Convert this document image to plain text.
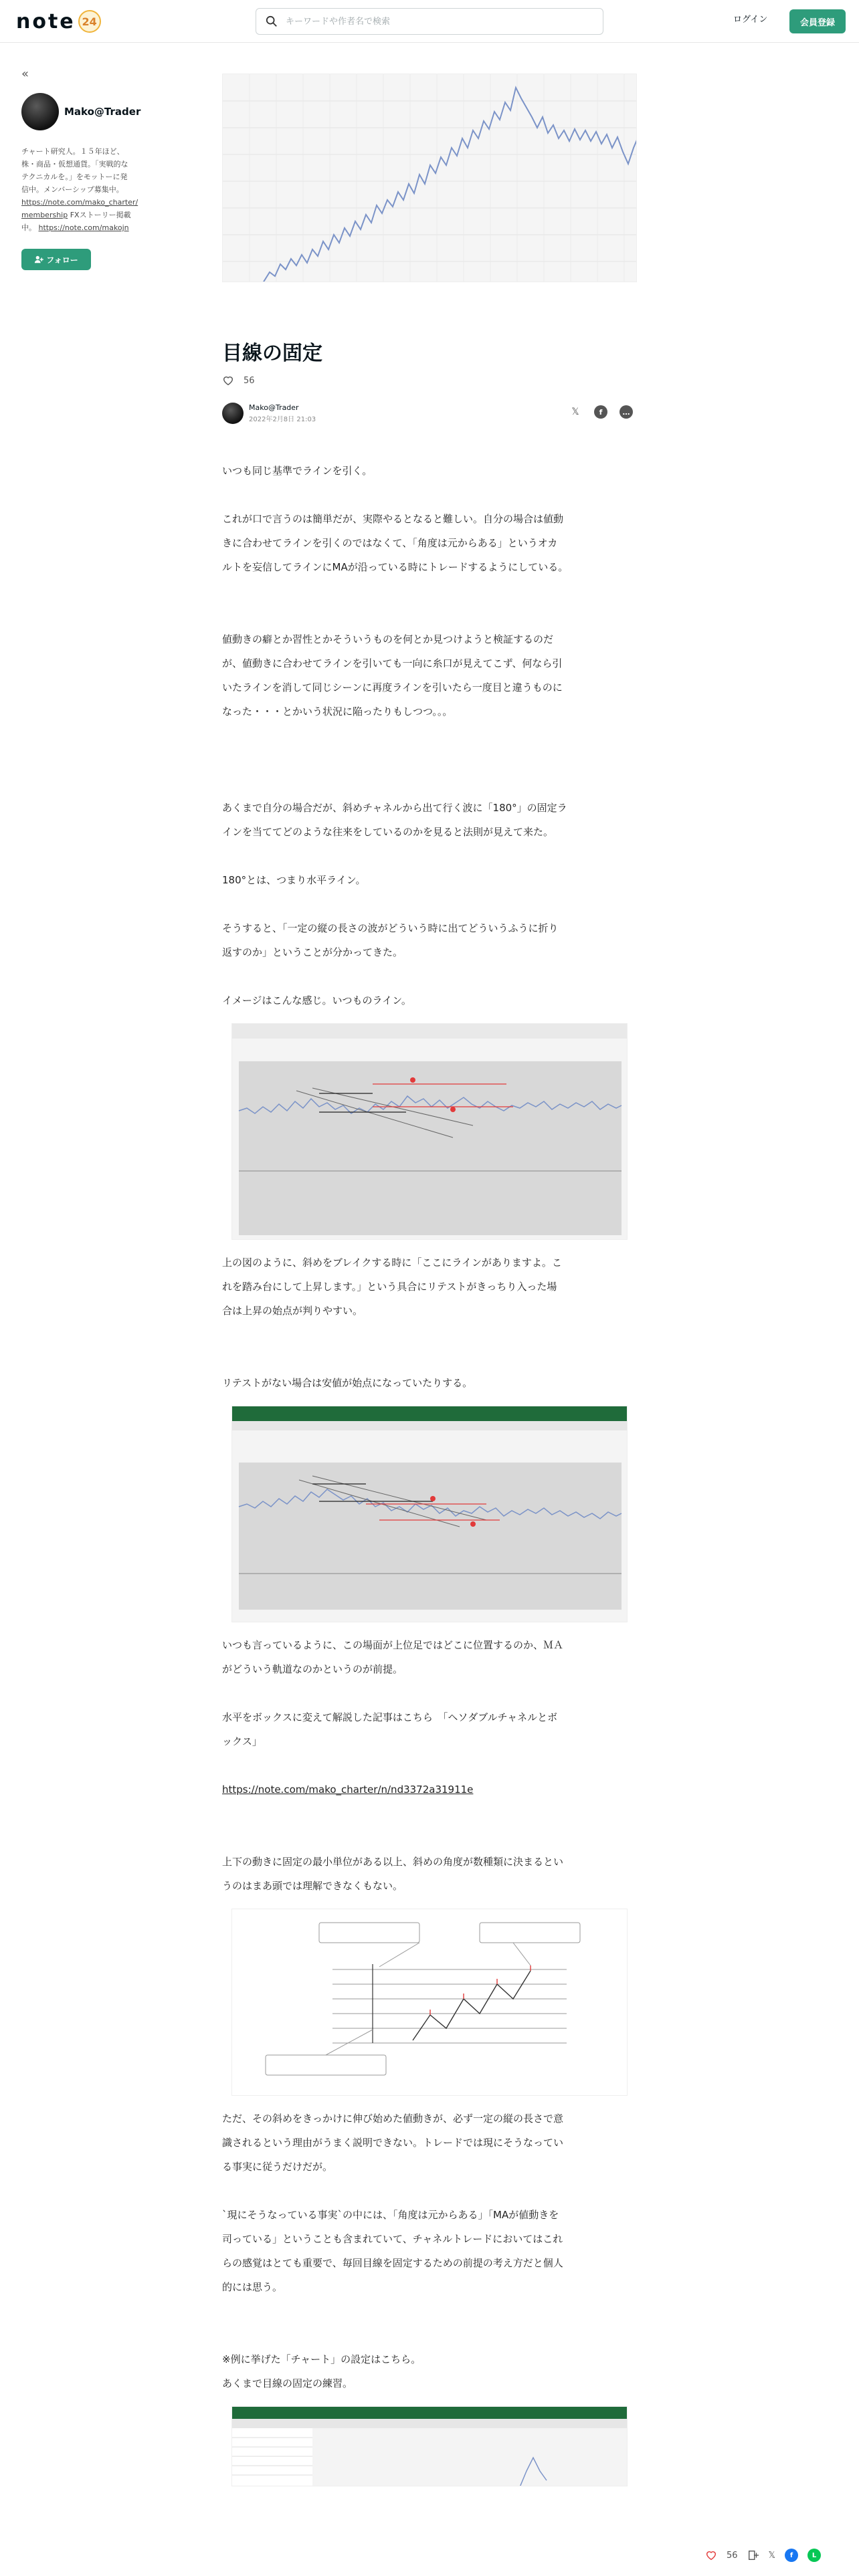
note 24
キーワードや作者名で検索	ログイン	会員登録
«
Mako@Trader
チャート研究人。１５年ほど、
株・商品・仮想通貨。「実戦的な
テクニカルを。」をモットーに発
信中。メンバーシップ募集中。
https://note.com/mako_charter/
membership FXストーリー掲載
中。 https://note.com/makojn
フォロー
目線の固定
56
Mako@Trader
2022年2月8日 21:03
𝕏	f	…

いつも同じ基準でラインを引く。

これが口で言うのは簡単だが、実際やるとなると難しい。自分の場合は値動

きに合わせてラインを引くのではなくて、「角度は元からある」というオカ

ルトを妄信してラインにMAが沿っている時にトレードするようにしている。

値動きの癖とか習性とかそういうものを何とか見つけようと検証するのだ

が、値動きに合わせてラインを引いても一向に糸口が見えてこず、何なら引

いたラインを消して同じシーンに再度ラインを引いたら一度目と違うものに

なった・・・とかいう状況に陥ったりもしつつ。。。

あくまで自分の場合だが、斜めチャネルから出て行く波に「180°」の固定ラ

インを当ててどのような往来をしているのかを見ると法則が見えて来た。

180°とは、つまり水平ライン。

そうすると、「一定の縦の長さの波がどういう時に出てどういうふうに折り

返すのか」ということが分かってきた。

イメージはこんな感じ。いつものライン。

上の図のように、斜めをブレイクする時に「ここにラインがありますよ。こ

れを踏み台にして上昇します。」という具合にリテストがきっちり入った場

合は上昇の始点が判りやすい。

リテストがない場合は安値が始点になっていたりする。

いつも言っているように、この場面が上位足ではどこに位置するのか、ＭＡ

がどういう軌道なのかというのが前提。

水平をボックスに変えて解説した記事はこちら　「ヘソダブルチャネルとボ

ックス」

https://note.com/mako_charter/n/nd3372a31911e

上下の動きに固定の最小単位がある以上、斜めの角度が数種類に決まるとい

うのはまあ頭では理解できなくもない。

ただ、その斜めをきっかけに伸び始めた値動きが、必ず一定の縦の長さで意

識されるという理由がうまく説明できない。トレードでは現にそうなってい

る事実に従うだけだが。

`現にそうなっている事実`の中には、「角度は元からある」「MAが値動きを

司っている」ということも含まれていて、チャネルトレードにおいてはこれ

らの感覚はとても重要で、毎回目線を固定するための前提の考え方だと個人

的には思う。

※例に挙げた「チャート」の設定はこちら。

あくまで目線の固定の練習。

56	𝕏	f	L
